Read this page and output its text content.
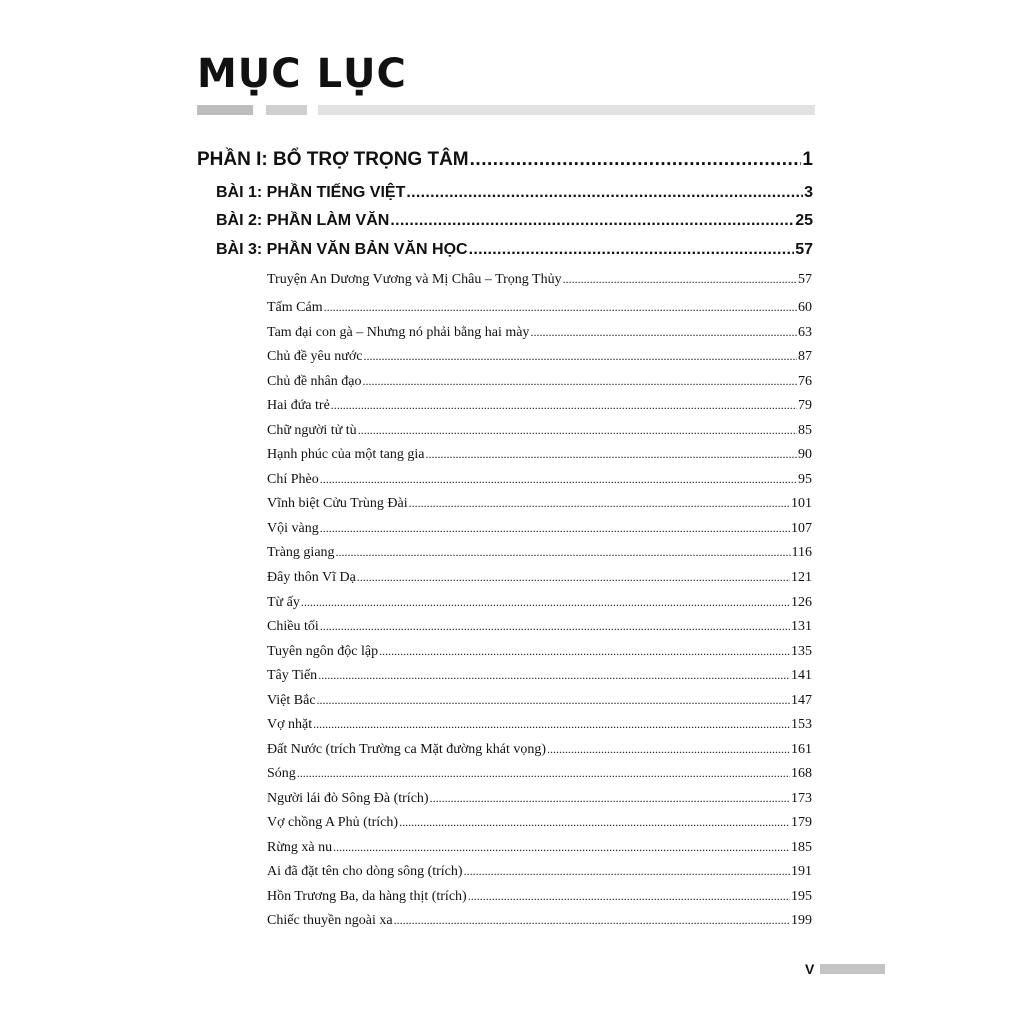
MỤC LỤC
PHẦN I: BỔ TRỢ TRỌNG TÂM .....	1
BÀI 1: PHẦN TIẾNG VIỆT .....	3
BÀI 2: PHẦN LÀM VĂN .....	25
BÀI 3: PHẦN VĂN BẢN VĂN HỌC .....	57
Truyện An Dương Vương và Mị Châu – Trọng Thủy .....	57
Tấm Cám .....	60
Tam đại con gà – Nhưng nó phải bằng hai mày .....	63
Chủ đề yêu nước .....	87
Chủ đề nhân đạo .....	76
Hai đứa trẻ .....	79
Chữ người tử tù .....	85
Hạnh phúc của một tang gia .....	90
Chí Phèo .....	95
Vĩnh biệt Cửu Trùng Đài .....	101
Vội vàng .....	107
Tràng giang .....	116
Đây thôn Vĩ Dạ .....	121
Từ ấy .....	126
Chiều tối .....	131
Tuyên ngôn độc lập .....	135
Tây Tiến .....	141
Việt Bắc .....	147
Vợ nhặt .....	153
Đất Nước (trích Trường ca Mặt đường khát vọng) .....	161
Sóng .....	168
Người lái đò Sông Đà (trích) .....	173
Vợ chồng A Phủ (trích) .....	179
Rừng xà nu .....	185
Ai đã đặt tên cho dòng sông (trích) .....	191
Hồn Trương Ba, da hàng thịt (trích) .....	195
Chiếc thuyền ngoài xa .....	199
V
